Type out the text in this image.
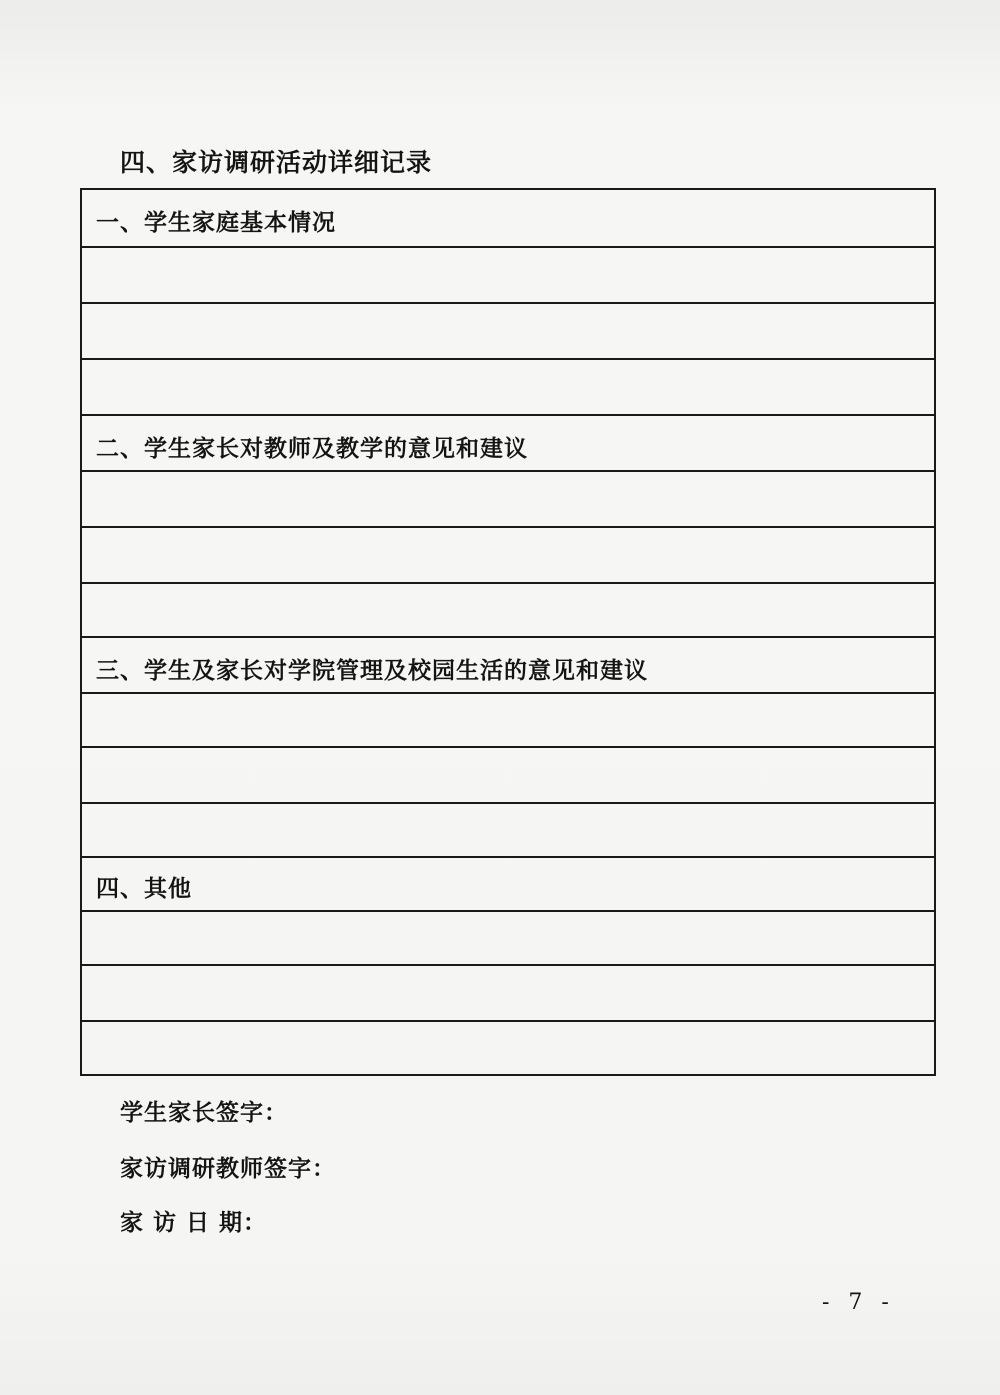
四、家访调研活动详细记录
一、学生家庭基本情况
二、学生家长对教师及教学的意见和建议
三、学生及家长对学院管理及校园生活的意见和建议
四、其他
学生家长签字：
家访调研教师签字：
家 访 日 期：
- 7 -
